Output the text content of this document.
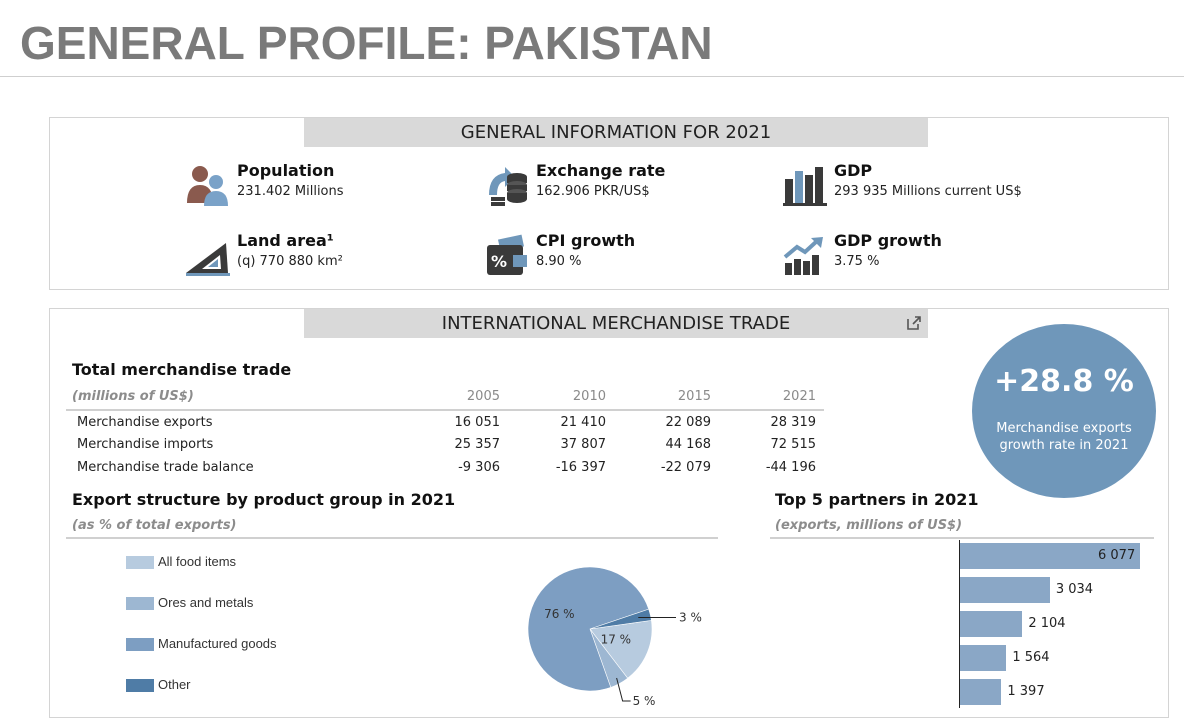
GENERAL PROFILE: PAKISTAN
GENERAL INFORMATION FOR 2021
Population
231.402 Millions
Exchange rate
162.906 PKR/US$
GDP
293 935 Millions current US$
Land area¹
(q) 770 880 km²	%
CPI growth
8.90 %
GDP growth
3.75 %
INTERNATIONAL MERCHANDISE TRADE
Total merchandise trade
(millions of US$)	2005	2010	2015	2021
Merchandise exports	16 051	21 410	22 089	28 319
Merchandise imports	25 357	37 807	44 168	72 515
Merchandise trade balance	-9 306	-16 397	-22 079	-44 196
+28.8 %
Merchandise exports
growth rate in 2021
Export structure by product group in 2021
(as % of total exports)
All food items
Ores and metals
Manufactured goods
Other
17 %
5 %
76 %	3 %
Top 5 partners in 2021
(exports, millions of US$)
6 077
3 034
2 104
1 564
1 397
